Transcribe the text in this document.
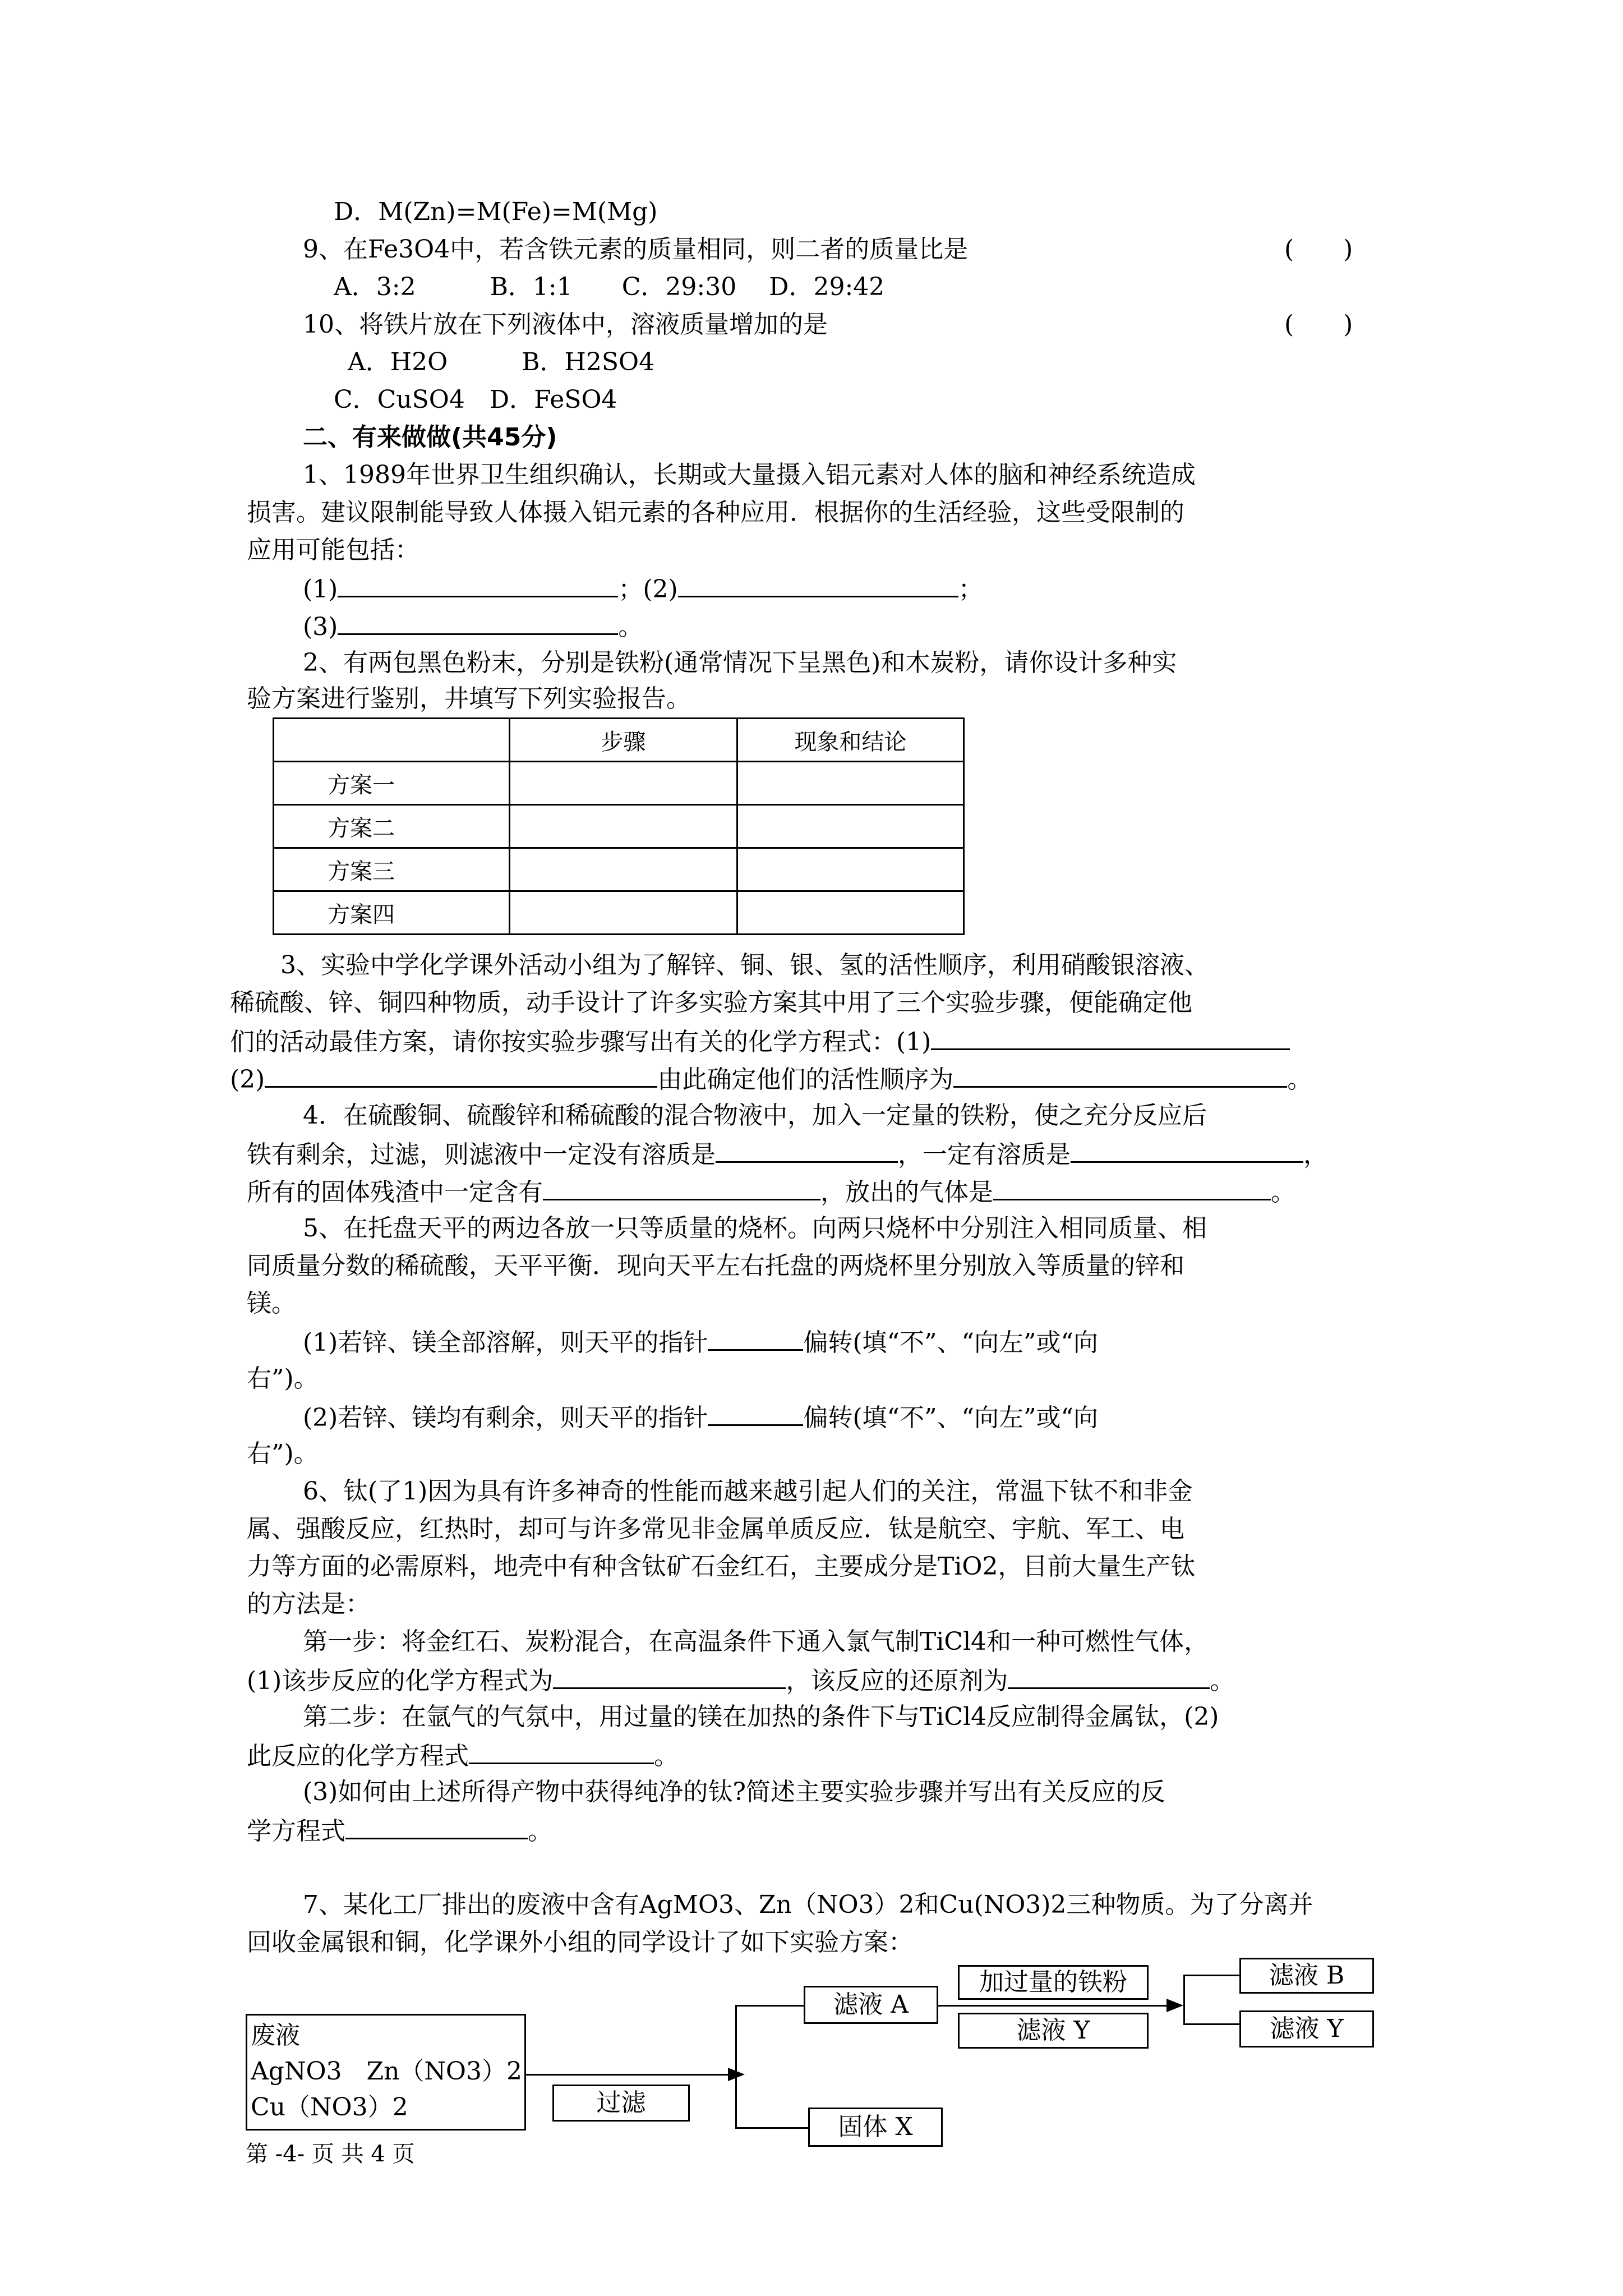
D．M(Zn)=M(Fe)=M(Mg)
9、在Fe3O4中，若含铁元素的质量相同，则二者的质量比是	(　　)
A．3:2　　　B．1:1　　C．29:30　 D．29:42
10、将铁片放在下列液体中，溶液质量增加的是	(　　)
A．H2O　　　B．H2SO4
C．CuSO4　D．FeSO4
二、有来做做(共45分)
1、1989年世界卫生组织确认，长期或大量摄入铝元素对人体的脑和神经系统造成
损害。建议限制能导致人体摄入铝元素的各种应用．根据你的生活经验，这些受限制的
应用可能包括：
(1)	；(2)	；
(3)	。
2、有两包黑色粉末，分别是铁粉(通常情况下呈黑色)和木炭粉，请你设计多种实
验方案进行鉴别，井填写下列实验报告。
	步骤	现象和结论
方案一		
方案二		
方案三		
方案四		
3、实验中学化学课外活动小组为了解锌、铜、银、氢的活性顺序，利用硝酸银溶液、
稀硫酸、锌、铜四种物质，动手设计了许多实验方案其中用了三个实验步骤，便能确定他
们的活动最佳方案，请你按实验步骤写出有关的化学方程式：(1)
(2)	由此确定他们的活性顺序为	。
4．在硫酸铜、硫酸锌和稀硫酸的混合物液中，加入一定量的铁粉，使之充分反应后
铁有剩余，过滤，则滤液中一定没有溶质是	，一定有溶质是	，
所有的固体残渣中一定含有	，放出的气体是	。
5、在托盘天平的两边各放一只等质量的烧杯。向两只烧杯中分别注入相同质量、相
同质量分数的稀硫酸，天平平衡．现向天平左右托盘的两烧杯里分别放入等质量的锌和
镁。
(1)若锌、镁全部溶解，则天平的指针	偏转(填“不”、“向左”或“向
右”)。
(2)若锌、镁均有剩余，则天平的指针	偏转(填“不”、“向左”或“向
右”)。
6、钛(了1)因为具有许多神奇的性能而越来越引起人们的关注，常温下钛不和非金
属、强酸反应，红热时，却可与许多常见非金属单质反应．钛是航空、宇航、军工、电
力等方面的必需原料，地壳中有种含钛矿石金红石，主要成分是TiO2，目前大量生产钛
的方法是：
第一步：将金红石、炭粉混合，在高温条件下通入氯气制TiCl4和一种可燃性气体，
(1)该步反应的化学方程式为	，该反应的还原剂为	。
第二步：在氩气的气氛中，用过量的镁在加热的条件下与TiCl4反应制得金属钛，(2)
此反应的化学方程式	。
(3)如何由上述所得产物中获得纯净的钛?简述主要实验步骤并写出有关反应的反
学方程式	。
7、某化工厂排出的废液中含有AgMO3、Zn（NO3）2和Cu(NO3)2三种物质。为了分离并
回收金属银和铜，化学课外小组的同学设计了如下实验方案：
废液
AgNO3　Zn（NO3）2
Cu（NO3）2	过滤
滤液 A
固体 X
加过量的铁粉
滤液 Y
滤液 B
滤液 Y
第 -4- 页 共 4 页
